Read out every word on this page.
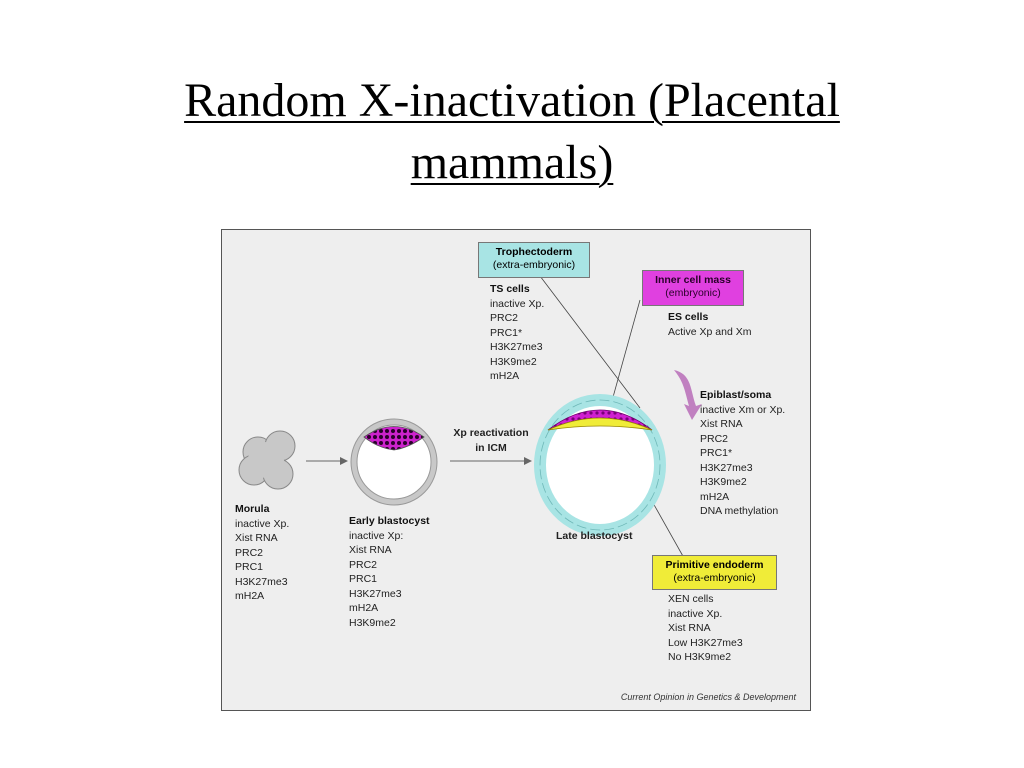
Random X-inactivation (Placental
mammals)
Trophectoderm
(extra-embryonic)
Inner cell mass
(embryonic)
TS cells
inactive Xp.
PRC2
PRC1*
H3K27me3
H3K9me2
mH2A
ES cells
Active Xp and Xm
Epiblast/soma
inactive Xm or Xp.
Xist RNA
PRC2
PRC1*
H3K27me3
H3K9me2
mH2A
DNA methylation
Xp reactivation
in ICM
Morula
inactive Xp.
Xist RNA
PRC2
PRC1
H3K27me3
mH2A
Early blastocyst
inactive Xp:
Xist RNA
PRC2
PRC1
H3K27me3
mH2A
H3K9me2
Late blastocyst
Primitive endoderm
(extra-embryonic)
XEN cells
inactive Xp.
Xist RNA
Low H3K27me3
No H3K9me2
Current Opinion in Genetics & Development
